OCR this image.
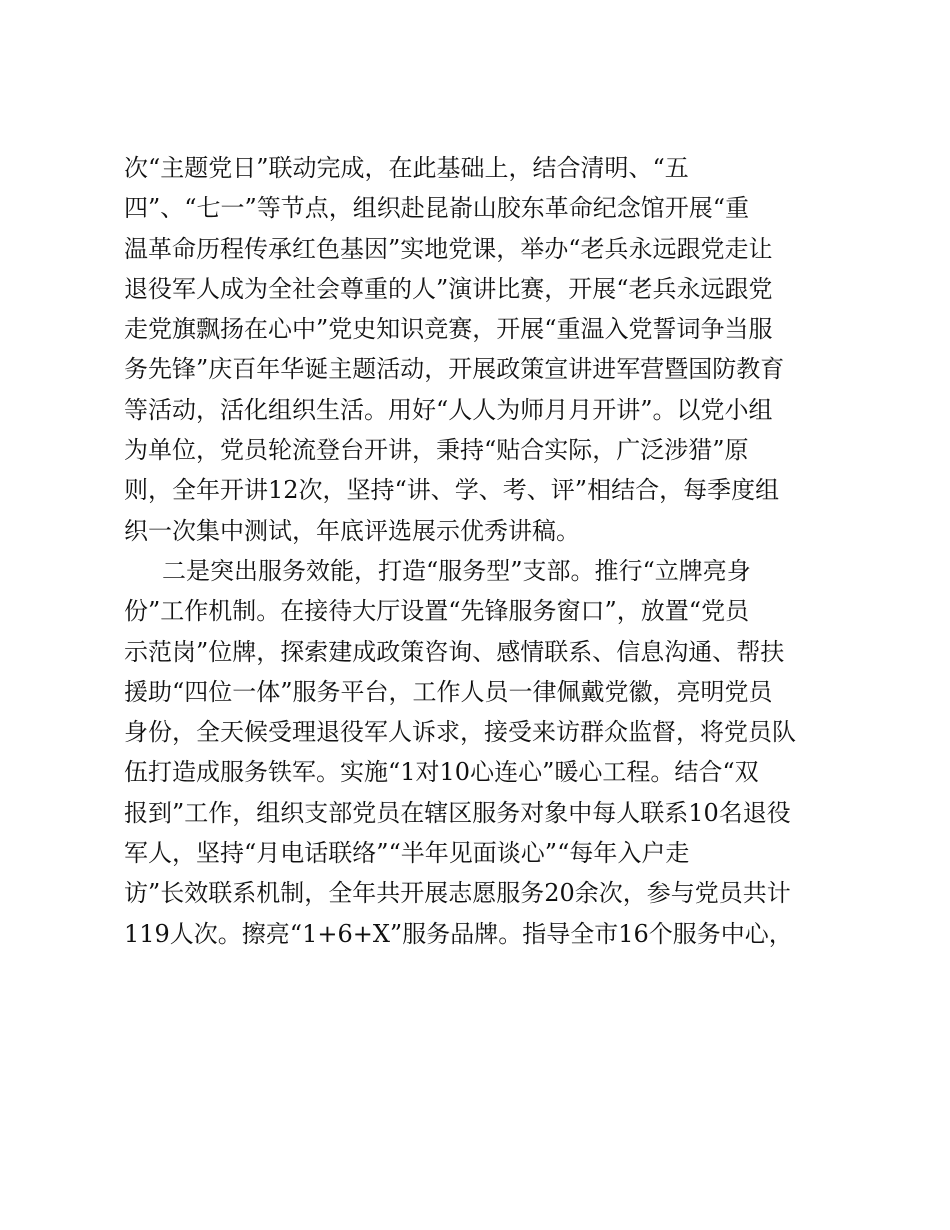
次“主题党日”联动完成，在此基础上，结合清明、“五
四”、“七一”等节点，组织赴昆嵛山胶东革命纪念馆开展“重
温革命历程传承红色基因”实地党课，举办“老兵永远跟党走让
退役军人成为全社会尊重的人”演讲比赛，开展“老兵永远跟党
走党旗飘扬在心中”党史知识竞赛，开展“重温入党誓词争当服
务先锋”庆百年华诞主题活动，开展政策宣讲进军营暨国防教育
等活动，活化组织生活。用好“人人为师月月开讲”。以党小组
为单位，党员轮流登台开讲，秉持“贴合实际，广泛涉猎”原
则，全年开讲12次，坚持“讲、学、考、评”相结合，每季度组
织一次集中测试，年底评选展示优秀讲稿。
二是突出服务效能，打造“服务型”支部。推行“立牌亮身
份”工作机制。在接待大厅设置“先锋服务窗口”，放置“党员
示范岗”位牌，探索建成政策咨询、感情联系、信息沟通、帮扶
援助“四位一体”服务平台，工作人员一律佩戴党徽，亮明党员
身份，全天候受理退役军人诉求，接受来访群众监督，将党员队
伍打造成服务铁军。实施“1对10心连心”暖心工程。结合“双
报到”工作，组织支部党员在辖区服务对象中每人联系10名退役
军人，坚持“月电话联络”“半年见面谈心”“每年入户走
访”长效联系机制，全年共开展志愿服务20余次，参与党员共计
119人次。擦亮“1+6+X”服务品牌。指导全市16个服务中心，
